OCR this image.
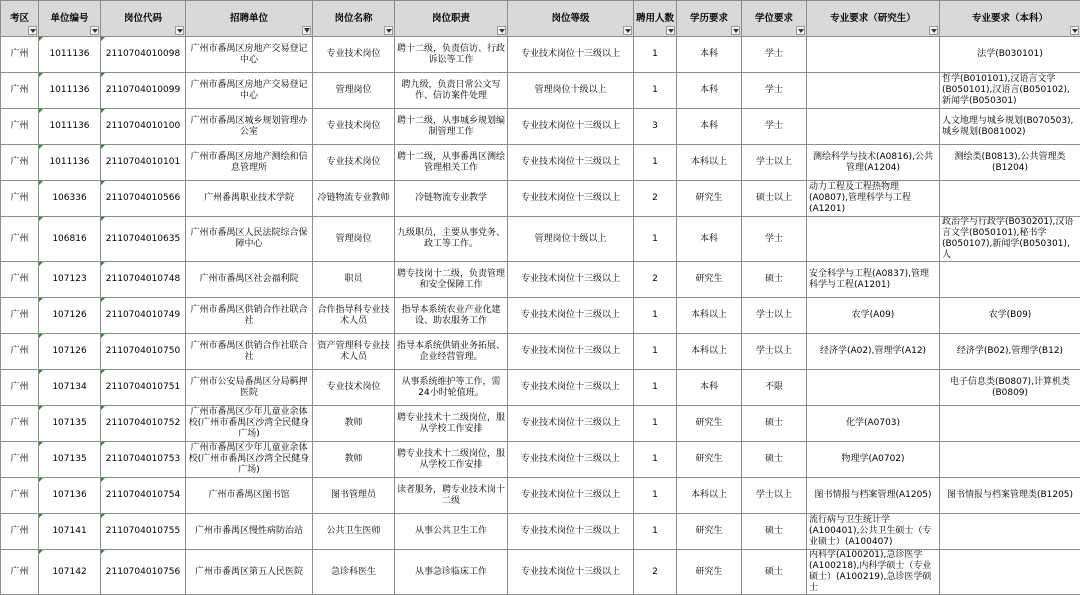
考区	单位编号	岗位代码	招聘单位	岗位名称	岗位职责	岗位等级	聘用人数	学历要求	学位要求	专业要求（研究生）	专业要求（本科）

广州	1011136	2110704010098	广州市番禺区房地产交易登记中心	专业技术岗位	聘十二级，负责信访、行政诉讼等工作	专业技术岗位十三级以上	1	本科	学士		法学(B030101)

广州	1011136	2110704010099	广州市番禺区房地产交易登记中心	管理岗位	聘九级，负责日常公文写作、信访案件处理	管理岗位十级以上	1	本科	学士		哲学(B010101),汉语言文学(B050101),汉语言(B050102),新闻学(B050301)

广州	1011136	2110704010100	广州市番禺区城乡规划管理办公室	专业技术岗位	聘十二级，从事城乡规划编制管理工作	专业技术岗位十三级以上	3	本科	学士		人文地理与城乡规划(B070503),城乡规划(B081002)

广州	1011136	2110704010101	广州市番禺区房地产测绘和信息管理所	专业技术岗位	聘十二级，从事番禺区测绘管理相关工作	专业技术岗位十三级以上	1	本科以上	学士以上	测绘科学与技术(A0816),公共管理(A1204)	测绘类(B0813),公共管理类(B1204)

广州	106336	2110704010566	广州番禺职业技术学院	冷链物流专业教师	冷链物流专业教学	专业技术岗位十三级以上	2	研究生	硕士以上	动力工程及工程热物理(A0807),管理科学与工程(A1201)	

广州	106816	2110704010635	广州市番禺区人民法院综合保障中心	管理岗位	九级职员，主要从事党务、政工等工作。	管理岗位十级以上	1	本科	学士		政治学与行政学(B030201),汉语言文学(B050101),秘书学(B050107),新闻学(B050301),人

广州	107123	2110704010748	广州市番禺区社会福利院	职员	聘专技岗十二级，负责管理和安全保障工作	专业技术岗位十三级以上	2	研究生	硕士	安全科学与工程(A0837),管理科学与工程(A1201)	

广州	107126	2110704010749	广州市番禺区供销合作社联合社	合作指导科专业技术人员	指导本系统农业产业化建设、助农服务工作	专业技术岗位十三级以上	1	本科以上	学士以上	农学(A09)	农学(B09)

广州	107126	2110704010750	广州市番禺区供销合作社联合社	资产管理科专业技术人员	指导本系统供销业务拓展、企业经营管理。	专业技术岗位十三级以上	1	本科以上	学士以上	经济学(A02),管理学(A12)	经济学(B02),管理学(B12)

广州	107134	2110704010751	广州市公安局番禺区分局羁押医院	专业技术岗位	从事系统维护等工作，需24小时轮值班。	专业技术岗位十三级以上	1	本科	不限		电子信息类(B0807),计算机类(B0809)

广州	107135	2110704010752	广州市番禺区少年儿童业余体校(广州市番禺区沙湾全民健身广场)	教师	聘专业技术十二级岗位，服从学校工作安排	专业技术岗位十三级以上	1	研究生	硕士	化学(A0703)	

广州	107135	2110704010753	广州市番禺区少年儿童业余体校(广州市番禺区沙湾全民健身广场)	教师	聘专业技术十二级岗位，服从学校工作安排	专业技术岗位十三级以上	1	研究生	硕士	物理学(A0702)	

广州	107136	2110704010754	广州市番禺区图书馆	图书管理员	读者服务，聘专业技术岗十二级	专业技术岗位十三级以上	1	本科以上	学士以上	图书情报与档案管理(A1205)	图书情报与档案管理类(B1205)

广州	107141	2110704010755	广州市番禺区慢性病防治站	公共卫生医师	从事公共卫生工作	专业技术岗位十三级以上	1	研究生	硕士	流行病与卫生统计学(A100401),公共卫生硕士（专业硕士）(A100407)	

广州	107142	2110704010756	广州市番禺区第五人民医院	急诊科医生	从事急诊临床工作	专业技术岗位十三级以上	2	研究生	硕士	内科学(A100201),急诊医学(A100218),内科学硕士（专业硕士）(A100219),急诊医学硕士	
